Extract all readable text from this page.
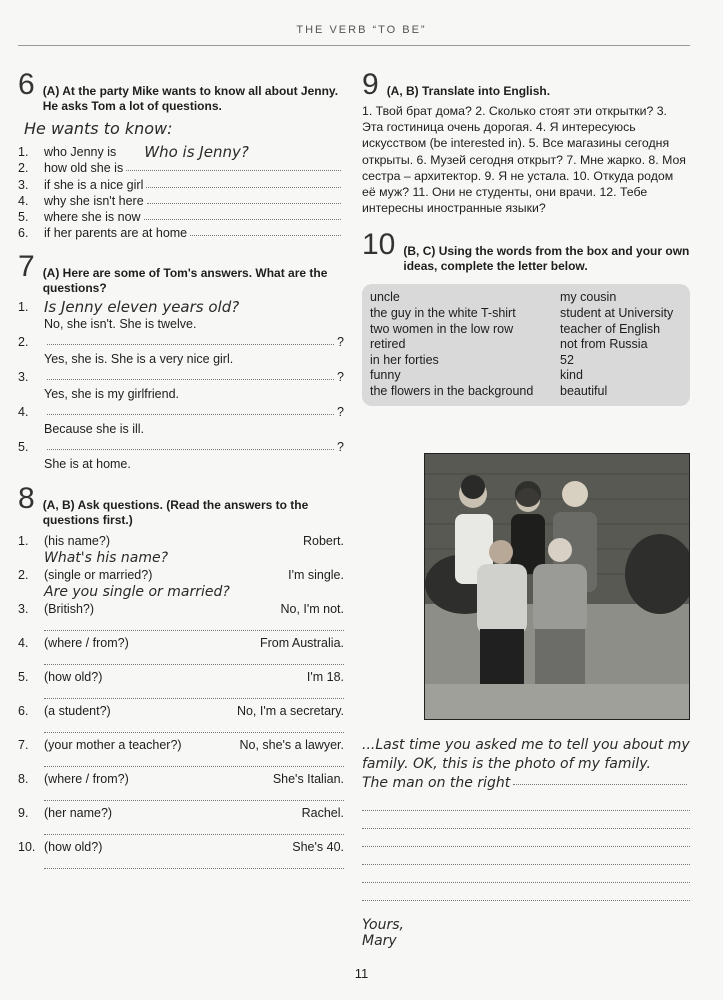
THE VERB “TO BE”
6 (A) At the party Mike wants to know all about Jenny. He asks Tom a lot of questions.
He wants to know:
1.	who Jenny is Who is Jenny?
2.	how old she is
3.	if she is a nice girl
4.	why she isn't here
5.	where she is now
6.	if her parents are at home
7 (A) Here are some of Tom's answers. What are the questions?
1.	Is Jenny eleven years old?
No, she isn't. She is twelve.
2.	?
Yes, she is. She is a very nice girl.
3.	?
Yes, she is my girlfriend.
4.	?
Because she is ill.
5.	?
She is at home.
8 (A, B) Ask questions. (Read the answers to the questions first.)
1.	(his name?)	Robert.
What's his name?
2.	(single or married?)	I'm single.
Are you single or married?
3.	(British?)	No, I'm not.
4.	(where / from?)	From Australia.
5.	(how old?)	I'm 18.
6.	(a student?)	No, I'm a secretary.
7.	(your mother a teacher?)	No, she's a lawyer.
8.	(where / from?)	She's Italian.
9.	(her name?)	Rachel.
10. (how old?)	She's 40.
9 (A, B) Translate into English.
1. Твой брат дома? 2. Сколько стоят эти открытки? 3. Эта гостиница очень дорогая. 4. Я интересуюсь искусством (be interested in). 5. Все магазины сегодня открыты. 6. Музей сегодня открыт? 7. Мне жарко. 8. Моя сестра – архитектор. 9. Я не устала. 10. Откуда родом её муж? 11. Они не студенты, они врачи. 12. Тебе интересны иностранные языки?
10 (B, C) Using the words from the box and your own ideas, complete the letter below.
uncle	my cousin
the guy in the white T-shirt	student at University
two women in the low row	teacher of English
retired	not from Russia
in her forties	52
funny	kind
the flowers in the background	beautiful
...Last time you asked me to tell you about my family. OK, this is the photo of my family.
The man on the right
Yours,
Mary
11
